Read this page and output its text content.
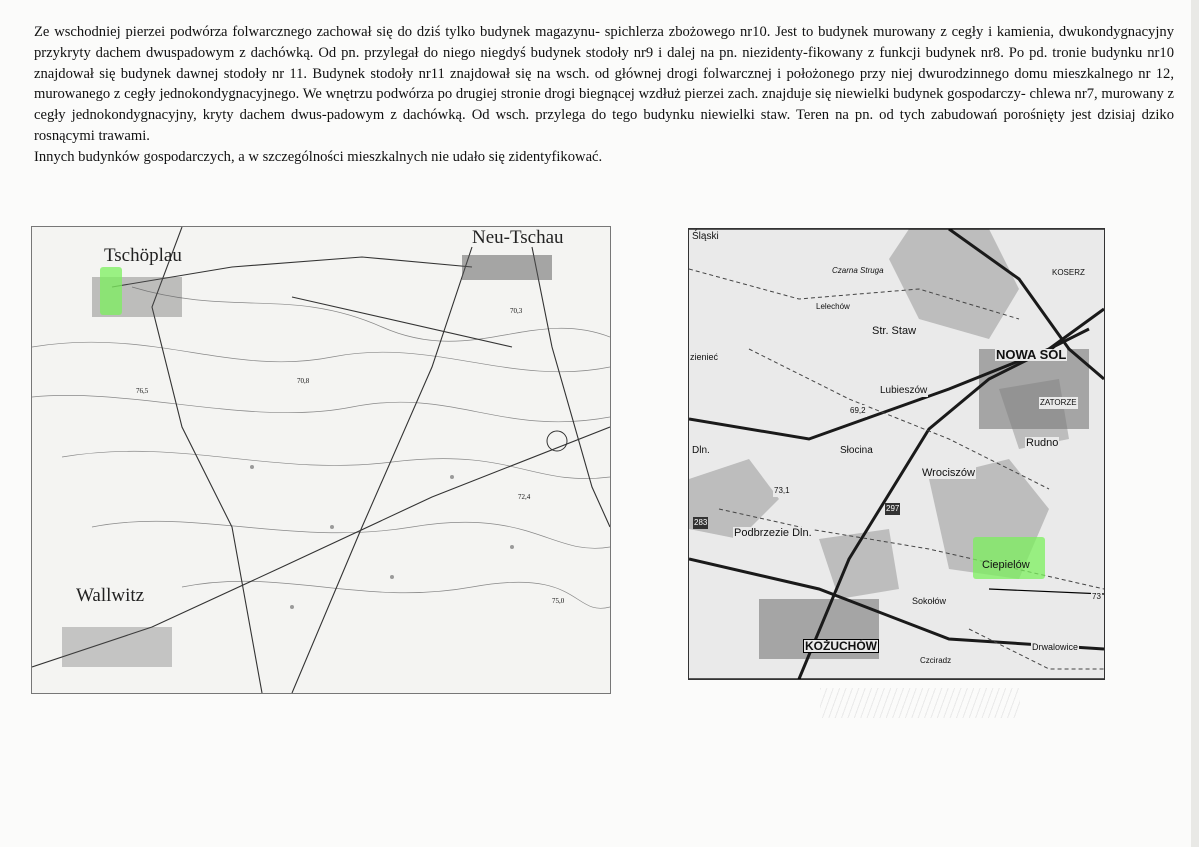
Ze wschodniej pierzei podwórza folwarcznego zachował się do dziś tylko budynek magazynu- spichlerza zbożowego nr10. Jest to budynek murowany z cegły i kamienia, dwukondygnacyjny przykryty dachem dwuspadowym z dachówką. Od pn. przylegał do niego niegdyś budynek stodoły nr9 i dalej na pn. niezidenty-fikowany z funkcji budynek nr8. Po pd. tronie budynku nr10 znajdował się budynek dawnej stodoły nr 11. Budynek stodoły nr11 znajdował się na wsch. od głównej drogi folwarcznej i położonego przy niej dwurodzinnego domu mieszkalnego nr 12, murowanego z cegły jednokondygnacyjnego. We wnętrzu podwórza po drugiej stronie drogi biegnącej wzdłuż pierzei zach. znajduje się niewielki budynek gospodarczy- chlewa nr7, murowany z cegły jednokondygnacyjny, kryty dachem dwus-padowym z dachówką. Od wsch. przylega do tego budynku niewielki staw. Teren na pn. od tych zabudowań porośnięty jest dzisiaj dziko rosnącymi trawami.

Innych budynków gospodarczych, a w szczególności mieszkalnych nie udało się zidentyfikować.

Tschöplau
Neu-Tschau
Wallwitz
70,3
70,8
72,4
75,0
76,5
Śląski
Czarna Struga
Lelechów
Str. Staw
KOSERZ
NOWA SÓL
ZATORZE
Lubieszów
Rudno
Słocina
Wrociszów
Podbrzezie Dln.
Ciepielów
Sokołów
KOŻUCHÓW
Czciradz
Drwalowice
zienieć
Dln.
283
297
69,2
73,1
73
